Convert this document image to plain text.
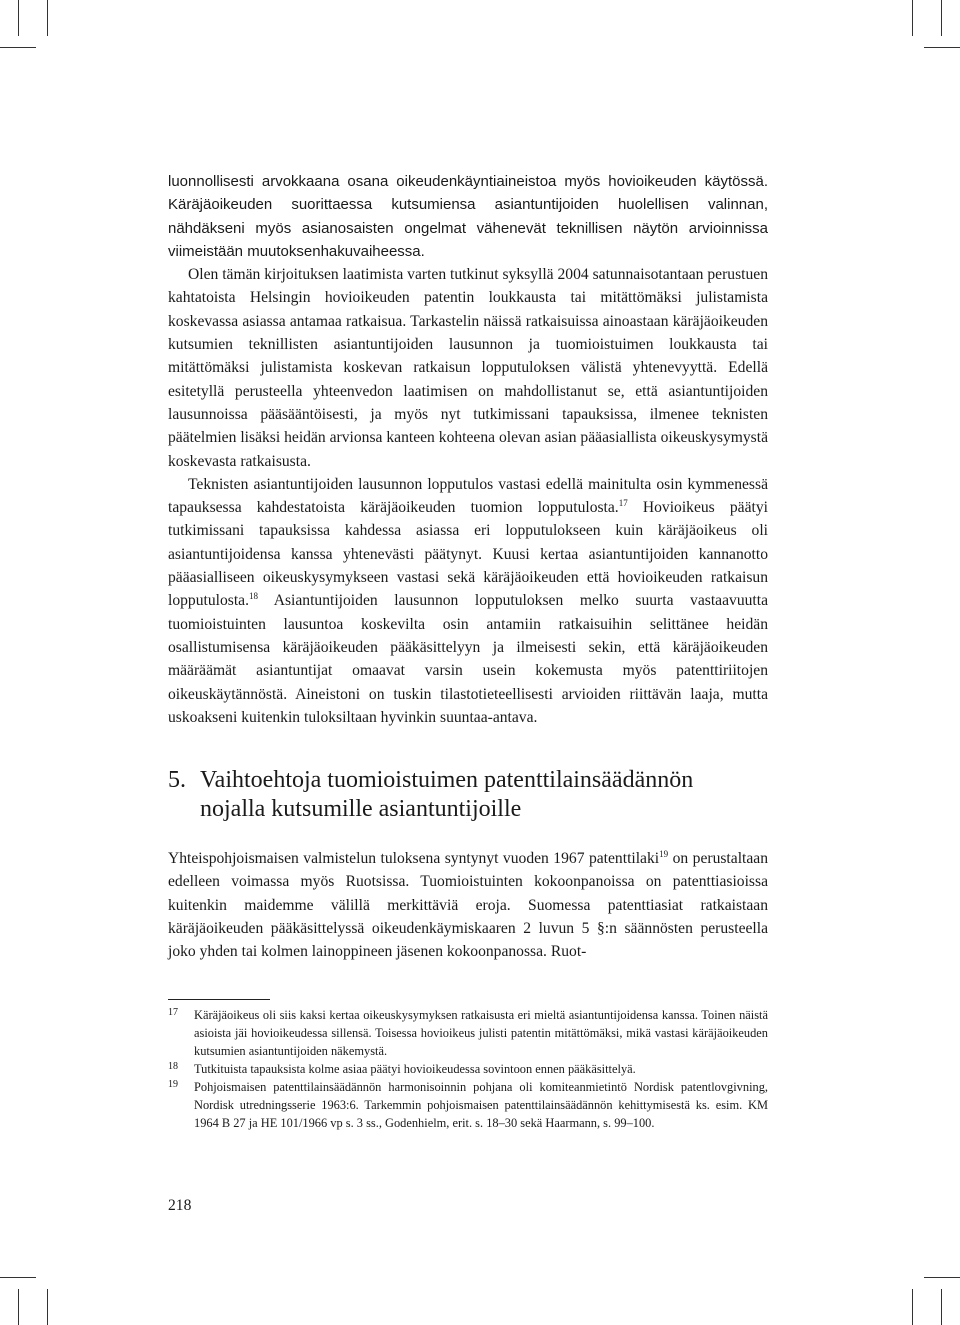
luonnollisesti arvokkaana osana oikeudenkäyntiaineistoa myös hovioikeuden käytössä. Käräjäoikeuden suorittaessa kutsumiensa asiantuntijoiden huolellisen valinnan, nähdäkseni myös asianosaisten ongelmat vähenevät teknillisen näytön arvioinnissa viimeistään muutoksenhakuvaiheessa.

Olen tämän kirjoituksen laatimista varten tutkinut syksyllä 2004 satunnaisotantaan perustuen kahtatoista Helsingin hovioikeuden patentin loukkausta tai mitättömäksi julistamista koskevassa asiassa antamaa ratkaisua. Tarkastelin näissä ratkaisuissa ainoastaan käräjäoikeuden kutsumien teknillisten asiantuntijoiden lausunnon ja tuomioistuimen loukkausta tai mitättömäksi julistamista koskevan ratkaisun lopputuloksen välistä yhtenevyyttä. Edellä esitetyllä perusteella yhteenvedon laatimisen on mahdollistanut se, että asiantuntijoiden lausunnoissa pääsääntöisesti, ja myös nyt tutkimissani tapauksissa, ilmenee teknisten päätelmien lisäksi heidän arvionsa kanteen kohteena olevan asian pääasiallista oikeuskysymystä koskevasta ratkaisusta.

Teknisten asiantuntijoiden lausunnon lopputulos vastasi edellä mainitulta osin kymmenessä tapauksessa kahdestatoista käräjäoikeuden tuomion lopputulosta.$^{17}$ Hovioikeus päätyi tutkimissani tapauksissa kahdessa asiassa eri lopputulokseen kuin käräjäoikeus oli asiantuntijoidensa kanssa yhtenevästi päätynyt. Kuusi kertaa asiantuntijoiden kannanotto pääasialliseen oikeuskysymykseen vastasi sekä käräjäoikeuden että hovioikeuden ratkaisun lopputulosta.$^{18}$ Asiantuntijoiden lausunnon lopputuloksen melko suurta vastaavuutta tuomioistuinten lausuntoa koskevilta osin antamiin ratkaisuihin selittänee heidän osallistumisensa käräjäoikeuden pääkäsittelyyn ja ilmeisesti sekin, että käräjäoikeuden määräämät asiantuntijat omaavat varsin usein kokemusta myös patenttiriitojen oikeuskäytännöstä. Aineistoni on tuskin tilastotieteellisesti arvioiden riittävän laaja, mutta uskoakseni kuitenkin tuloksiltaan hyvinkin suuntaa-antava.

5. Vaihtoehtoja tuomioistuimen patenttilainsäädännön
nojalla kutsumille asiantuntijoille

Yhteispohjoismaisen valmistelun tuloksena syntynyt vuoden 1967 patenttilaki$^{19}$ on perustaltaan edelleen voimassa myös Ruotsissa. Tuomioistuinten kokoonpanoissa on patenttiasioissa kuitenkin maidemme välillä merkittäviä eroja. Suomessa patenttiasiat ratkaistaan käräjäoikeuden pääkäsittelyssä oikeudenkäymiskaaren 2 luvun 5 §:n säännösten perusteella joko yhden tai kolmen lainoppineen jäsenen kokoonpanossa. Ruot-

17	Käräjäoikeus oli siis kaksi kertaa oikeuskysymyksen ratkaisusta eri mieltä asiantuntijoidensa kanssa. Toinen näistä asioista jäi hovioikeudessa sillensä. Toisessa hovioikeus julisti patentin mitättömäksi, mikä vastasi käräjäoikeuden kutsumien asiantuntijoiden näkemystä.
18	Tutkituista tapauksista kolme asiaa päätyi hovioikeudessa sovintoon ennen pääkäsittelyä.
19	Pohjoismaisen patenttilainsäädännön harmonisoinnin pohjana oli komiteanmietintö Nordisk patentlovgivning, Nordisk utredningsserie 1963:6. Tarkemmin pohjoismaisen patenttilainsäädännön kehittymisestä ks. esim. KM 1964 B 27 ja HE 101/1966 vp s. 3 ss., Godenhielm, erit. s. 18–30 sekä Haarmann, s. 99–100.
218
